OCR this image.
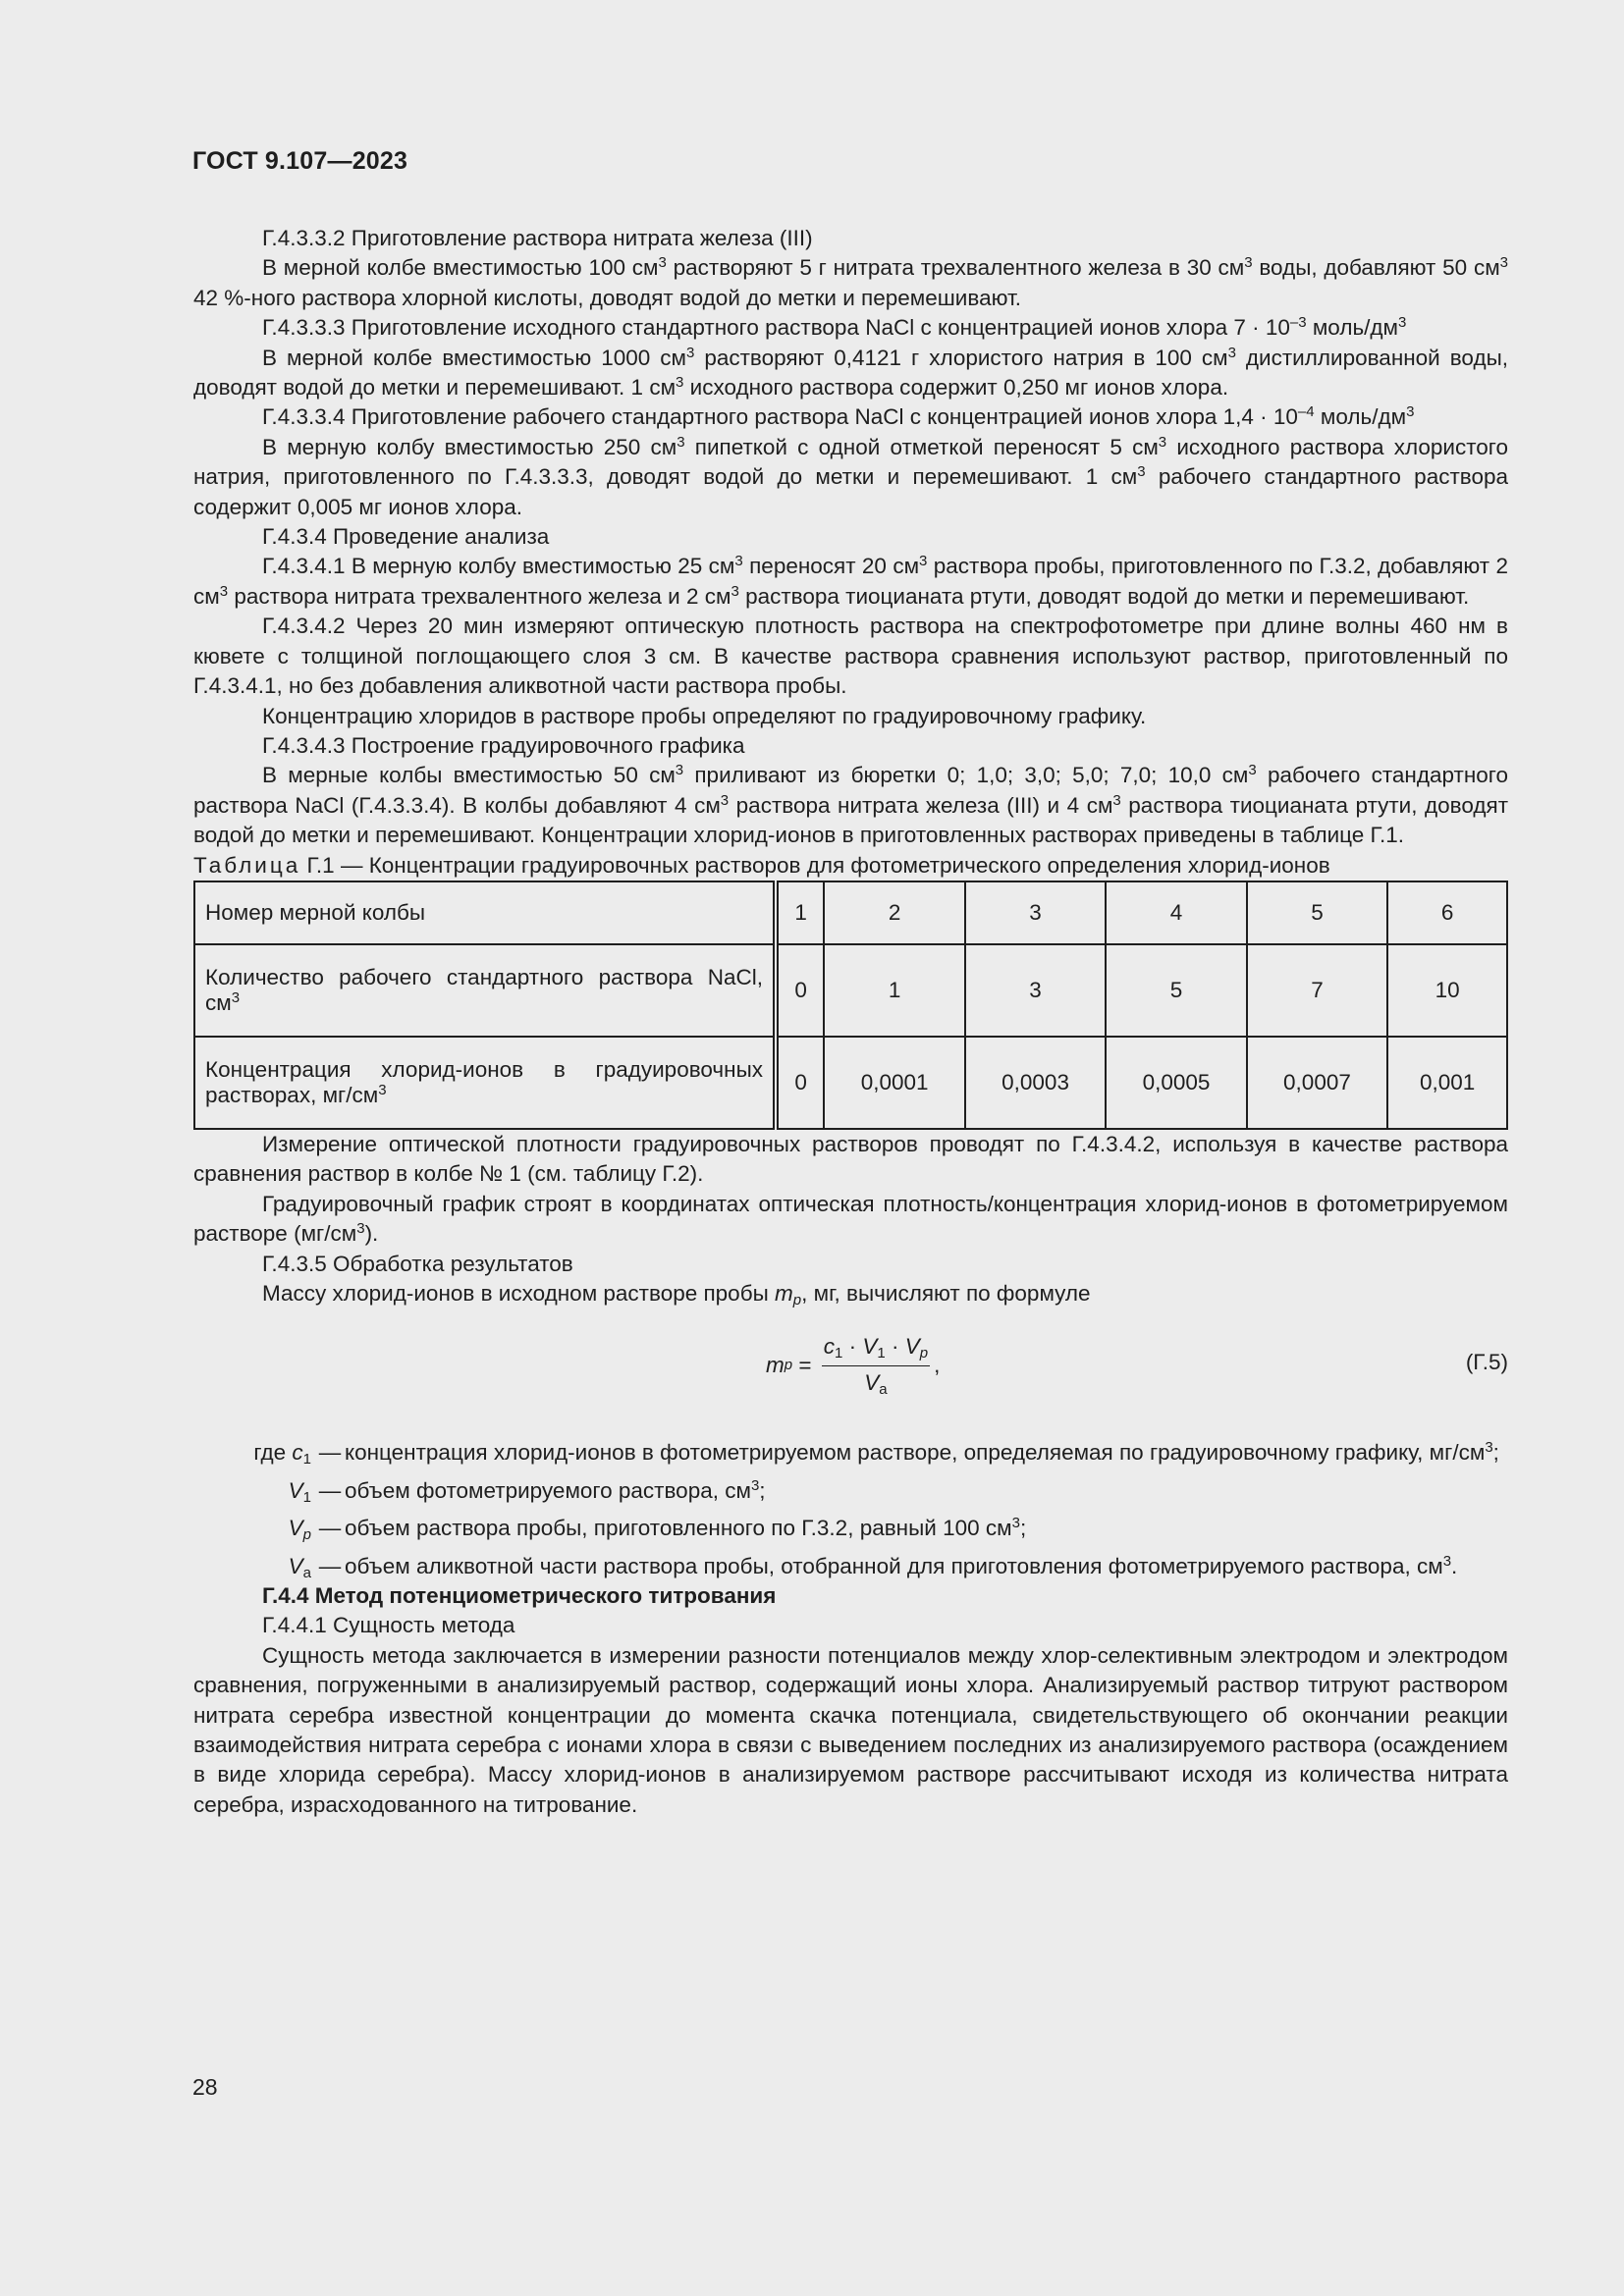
ГОСТ 9.107—2023

Г.4.3.3.2 Приготовление раствора нитрата железа (III)

В мерной колбе вместимостью 100 $см^3$ растворяют 5 г нитрата трехвалентного железа в 30 $см^3$ воды, добавляют 50 $см^3$ 42 %-ного раствора хлорной кислоты, доводят водой до метки и перемешивают.

Г.4.3.3.3 Приготовление исходного стандартного раствора NaCl с концентрацией ионов хлора $7 \cdot 10^{-3}$ моль/$дм^3$

В мерной колбе вместимостью 1000 $см^3$ растворяют 0,4121 г хлористого натрия в 100 $см^3$ дистиллированной воды, доводят водой до метки и перемешивают. 1 $см^3$ исходного раствора содержит 0,250 мг ионов хлора.

Г.4.3.3.4 Приготовление рабочего стандартного раствора NaCl с концентрацией ионов хлора $1,4 \cdot 10^{-4}$ моль/$дм^3$

В мерную колбу вместимостью 250 $см^3$ пипеткой с одной отметкой переносят 5 $см^3$ исходного раствора хлористого натрия, приготовленного по Г.4.3.3.3, доводят водой до метки и перемешивают. 1 $см^3$ рабочего стандартного раствора содержит 0,005 мг ионов хлора.

Г.4.3.4 Проведение анализа

Г.4.3.4.1 В мерную колбу вместимостью 25 $см^3$ переносят 20 $см^3$ раствора пробы, приготовленного по Г.3.2, добавляют 2 $см^3$ раствора нитрата трехвалентного железа и 2 $см^3$ раствора тиоцианата ртути, доводят водой до метки и перемешивают.

Г.4.3.4.2 Через 20 мин измеряют оптическую плотность раствора на спектрофотометре при длине волны 460 нм в кювете с толщиной поглощающего слоя 3 см. В качестве раствора сравнения используют раствор, приготовленный по Г.4.3.4.1, но без добавления аликвотной части раствора пробы.

Концентрацию хлоридов в растворе пробы определяют по градуировочному графику.

Г.4.3.4.3 Построение градуировочного графика

В мерные колбы вместимостью 50 $см^3$ приливают из бюретки 0; 1,0; 3,0; 5,0; 7,0; 10,0 $см^3$ рабочего стандартного раствора NaCl (Г.4.3.3.4). В колбы добавляют 4 $см^3$ раствора нитрата железа (III) и 4 $см^3$ раствора тиоцианата ртути, доводят водой до метки и перемешивают. Концентрации хлорид-ионов в приготовленных растворах приведены в таблице Г.1.

Таблица Г.1 — Концентрации градуировочных растворов для фотометрического определения хлорид-ионов

Номер мерной колбы	1	2	3	4	5	6
Количество рабочего стандартного раствора NaCl, $см^3$	0	1	3	5	7	10
Концентрация хлорид-ионов в градуировочных растворах, $мг/см^3$	0	0,0001	0,0003	0,0005	0,0007	0,001

Измерение оптической плотности градуировочных растворов проводят по Г.4.3.4.2, используя в качестве раствора сравнения раствор в колбе № 1 (см. таблицу Г.2).

Градуировочный график строят в координатах оптическая плотность/концентрация хлорид-ионов в фотометрируемом растворе $(мг/см^3)$.

Г.4.3.5 Обработка результатов

Массу хлорид-ионов в исходном растворе пробы $m_p$, мг, вычисляют по формуле

m $p = \frac{c_1 \cdot V_1 \cdot V_p}{V_a}$ ,	(Г.5)
где $c_1$ — концентрация хлорид-ионов в фотометрируемом растворе, определяемая по градуировочному графику, $мг/см^3$;
$V_1$ — объем фотометрируемого раствора, $см^3$;
$V_p$ — объем раствора пробы, приготовленного по Г.3.2, равный 100 $см^3$;
$V_a$ — объем аликвотной части раствора пробы, отобранной для приготовления фотометрируемого раствора, $см^3$.

Г.4.4 Метод потенциометрического титрования

Г.4.4.1 Сущность метода

Сущность метода заключается в измерении разности потенциалов между хлор-селективным электродом и электродом сравнения, погруженными в анализируемый раствор, содержащий ионы хлора. Анализируемый раствор титруют раствором нитрата серебра известной концентрации до момента скачка потенциала, свидетельствующего об окончании реакции взаимодействия нитрата серебра с ионами хлора в связи с выведением последних из анализируемого раствора (осаждением в виде хлорида серебра). Массу хлорид-ионов в анализируемом растворе рассчитывают исходя из количества нитрата серебра, израсходованного на титрование.

28
